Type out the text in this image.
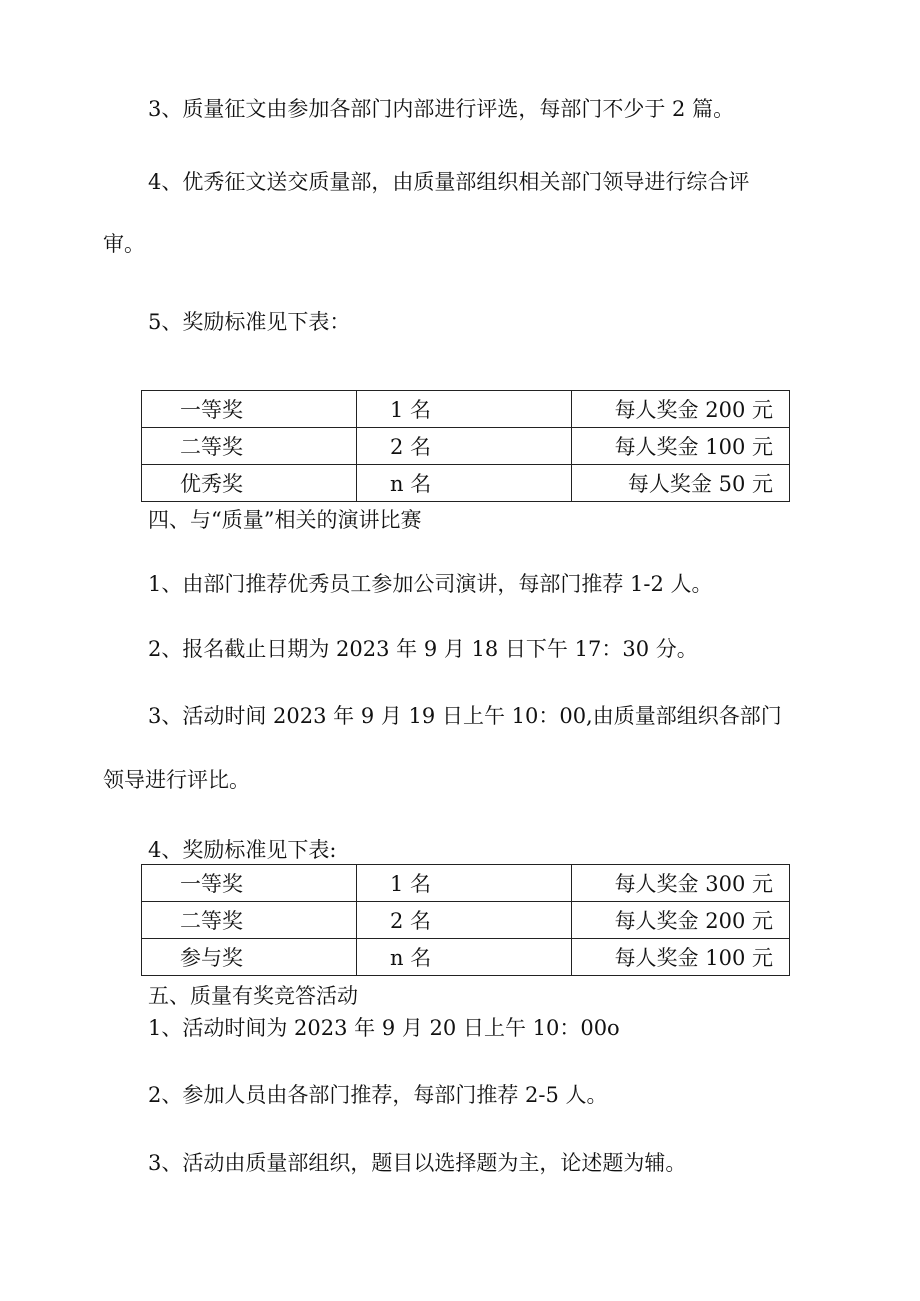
3、质量征文由参加各部门内部进行评选，每部门不少于 2 篇。
4、优秀征文送交质量部，由质量部组织相关部门领导进行综合评
审。
5、奖励标准见下表：
一等奖	1 名	每人奖金 200 元
二等奖	2 名	每人奖金 100 元
优秀奖	n 名	每人奖金 50 元
四、与“质量”相关的演讲比赛
1、由部门推荐优秀员工参加公司演讲，每部门推荐 1-2 人。
2、报名截止日期为 2023 年 9 月 18 日下午 17：30 分。
3、活动时间 2023 年 9 月 19 日上午 10：00,由质量部组织各部门
领导进行评比。
4、奖励标准见下表:
一等奖	1 名	每人奖金 300 元
二等奖	2 名	每人奖金 200 元
参与奖	n 名	每人奖金 100 元
五、质量有奖竞答活动
1、活动时间为 2023 年 9 月 20 日上午 10：00o
2、参加人员由各部门推荐，每部门推荐 2-5 人。
3、活动由质量部组织，题目以选择题为主，论述题为辅。
